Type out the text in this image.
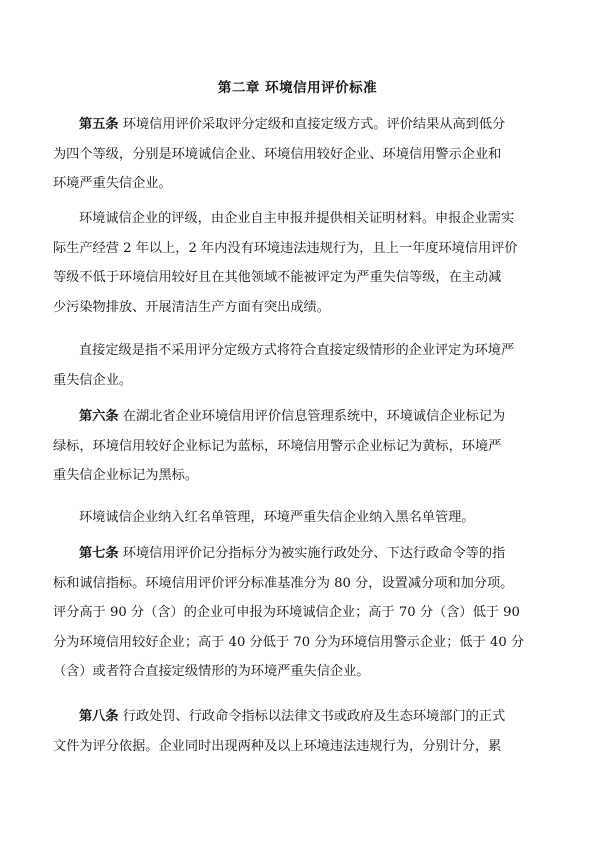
第二章 环境信用评价标准

第五条 环境信用评价采取评分定级和直接定级方式。评价结果从高到低分
为四个等级，分别是环境诚信企业、环境信用较好企业、环境信用警示企业和
环境严重失信企业。

环境诚信企业的评级，由企业自主申报并提供相关证明材料。申报企业需实
际生产经营 2 年以上，2 年内没有环境违法违规行为，且上一年度环境信用评价
等级不低于环境信用较好且在其他领域不能被评定为严重失信等级，在主动减
少污染物排放、开展清洁生产方面有突出成绩。

直接定级是指不采用评分定级方式将符合直接定级情形的企业评定为环境严
重失信企业。

第六条 在湖北省企业环境信用评价信息管理系统中，环境诚信企业标记为
绿标，环境信用较好企业标记为蓝标，环境信用警示企业标记为黄标，环境严
重失信企业标记为黑标。

环境诚信企业纳入红名单管理，环境严重失信企业纳入黑名单管理。

第七条 环境信用评价记分指标分为被实施行政处分、下达行政命令等的指
标和诚信指标。环境信用评价评分标准基准分为 80 分，设置减分项和加分项。
评分高于 90 分（含）的企业可申报为环境诚信企业；高于 70 分（含）低于 90
分为环境信用较好企业；高于 40 分低于 70 分为环境信用警示企业；低于 40 分
（含）或者符合直接定级情形的为环境严重失信企业。

第八条 行政处罚、行政命令指标以法律文书或政府及生态环境部门的正式
文件为评分依据。企业同时出现两种及以上环境违法违规行为，分别计分，累
